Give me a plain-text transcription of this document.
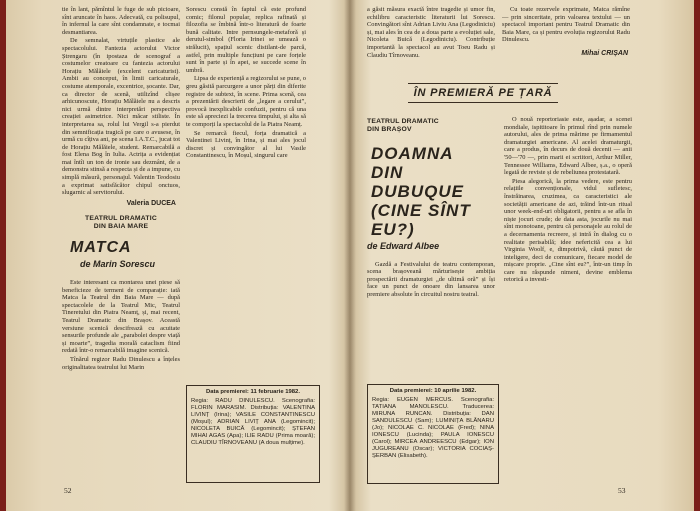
tie în lant, pămîntul le fuge de sub picioare, sînt aruncate în haos. Adecvată, cu polisupul, în infernul la care sînt condamnate, e tocmai desmantiarea.

De semnalat, virtuțile plastice ale spectacolului. Fantezia actorului Victor Ștrengaru (în ipostaza de scenograf a costumelor creatoare cu fantezia actorului Horațiu Mălăiele (excelent caricaturist). Ambii au conceput, în limii caricaturale, costume atemporale, excentrice, șocante. Dar, ca director de scenă, utilizînd clișee arhicunoscute, Horațiu Mălăiele nu a descris nici urmă dintre interpretări perspectiva creației asimetrice. Nici măcar stiliste. În interpretarea sa, rolul lui Vergil s-a pierdut din semnificația tragică pe care o avusese, în urmă cu cîțiva ani, pe scena I.A.T.C., jucat tot de Horațiu Mălăiele, student. Remarcabilă a fost Elena Bog în Iulia. Actrița a evidențiat mai întîi un ton de ironie sau dezmânt, de a demonstra stinsă a respecta și de a impune, cu simplă măsură, personajul. Valentin Teodosiu a exprimat satisfăcător chipul onctuos, slugarnic al servitorului.

Valeria DUCEA
TEATRUL DRAMATIC
DIN BAIA MARE
MATCA
de Marin Sorescu

Este interesant ca montarea unei piese să beneficieze de termeni de comparație: iată Matca la Teatrul din Baia Mare — după spectacolele de la Teatrul Mic, Teatrul Tineretului din Piatra Neamț, și, mai recent, Teatrul Dramatic din Brașov. Această versiune scenică descifrează cu acuitate sensurile profunde ale „parabolei despre viață și moarte”, tragedia morală cataclism fiind redată într-o remarcabilă imagine scenică.

Tînărul regizor Radu Dinulescu a înțeles originalitatea teatrului lui Marin

Sorescu constă în faptul că este profund comic; filonul popular, replica rafinată și filozofia se îmbină într-o literatură de foarte bună calitate. Intre pernsungele-metaforă și derutul-simbol (Floria Irinei se umează o strălucit), spațiul scenic distilant-de parcă, astfel, prin multiple funcțiuni pe care forțele sunt în parte și în apei, se succede scene în umbră.

Lipsa de experiență a regizorului se pune, o greu găsită parcurgere a unor părți din diferite registre de subtext, în scene. Prima scenă, cea a prezentării descrierii de „legare a cerului”, provocă inexplicabile confuzii, pentru că una este să apreciezi la trecerea timpului, și alta să te comporți la spectacolul de la Piatra Neamț.

Se remarcă fiecul, forța dramatică a Valentinei Livinț, în Irina, și mai ales jocul discret și convingător al lui Vasile Constantinescu, în Moșul, singurul care

Data premierei: 11 februarie 1982.
Regia: RADU DINULESCU. Scenografia: FLORIN MARASIM. Distribuția: VALENTINA LIVINȚ (Irina); VASILE CONSTANTINESCU (Moșul); ADRIAN LIVIȚ ANA (Legomincit); NICOLETA BUICĂ (Legomincit); ȘTEFAN MIHAI AGAS (Apa); ILIE RADU (Prima moară); CLAUDIU TÎRNOVEANU (A doua mulțime).
52

a găsit măsura exactă între tragedie și umor fin, echilibru caracteristic literaturii lui Sorescu. Convingători sînt Adrian Liviu Ana (Legodiniciu) și, mai ales în cea de a doua parte a evoluției sale, Nicoleta Buică (Legodiniciu). Contribuție importantă la spectacol au avut Toeu Radu și Claudiu Tîrnoveanu.

Cu toate rezervele exprimate, Matca rămîne — prin sinceritate, prin valoarea textului — un spectacol important pentru Teatrul Dramatic din Baia Mare, ca și pentru evoluția regizorului Radu Dinulescu.

Mihai CRIȘAN
ÎN PREMIERĂ PE ȚARĂ
TEATRUL DRAMATIC
DIN BRAȘOV
DOAMNA
DIN DUBUQUE
(CINE SÎNT EU?)
de Edward Albee

Gazdă a Festivalului de teatru contemporan, scena brașoveană mărturisește ambiția prospectării dramaturgiei „de ultimă oră” și își face un punct de onoare din lansarea unor premiere absolute în circuitul nostru teatral.

Data premierei: 10 aprilie 1982.
Regia: EUGEN MERCUS. Scenografia: TATIANA MANOLESCU. Traducerea: MIRUNA RUNCAN. Distribuția: DAN SANDULESCU (Sam); LUMINIȚA BLĂNARU (Jo); NICOLAE C. NICOLAE (Fred); NINA IONESCU (Lucinda); PAULA IONESCU (Carol); MIRCEA ANDREESCU (Edgar); ION JUGUREANU (Oscar); VICTORIA COCIAȘ-ȘERBAN (Elisabeth).

O nouă reportoriasie este, așadar, a scenei mondiale, ispititoare în primul rînd prin numele autorului, ales de prima mărime pe firmamentul dramaturgiei americane. Al acelei dramaturgii, care a produs, în decurs de două decenii — anii '50—'70 —, prin marii ei scriitori, Arthur Miller, Tennessee Williams, Edward Albee, ș.a., o operă legată de reviste și de rebeliunea protestatară.

Piesa alegorică, la prima vedere, este pentru relațiile convenționale, vidul sufletesc, înstrăinarea, cruzimea, ca caracteristici ale societății americane de azi, trăind într-un ritual unor week-end-uri obligatorii, pentru a se afla în niște jocuri crude; de data asta, jocurile nu mai sînt monotoane, pentru că personajele au rolul de a decernamenta recreere, și intră în dialog cu o realitate perisabilă; idee nefericită cea a lui Virginia Woolf, e, dimpotrivă, căută punct de inteligere, deci de comunicare, fiecare model de mișcare proprie. „Cine sînt eu?”, într-un timp în care nu răspunde nimeni, devine emblema retorică a investi-

53
